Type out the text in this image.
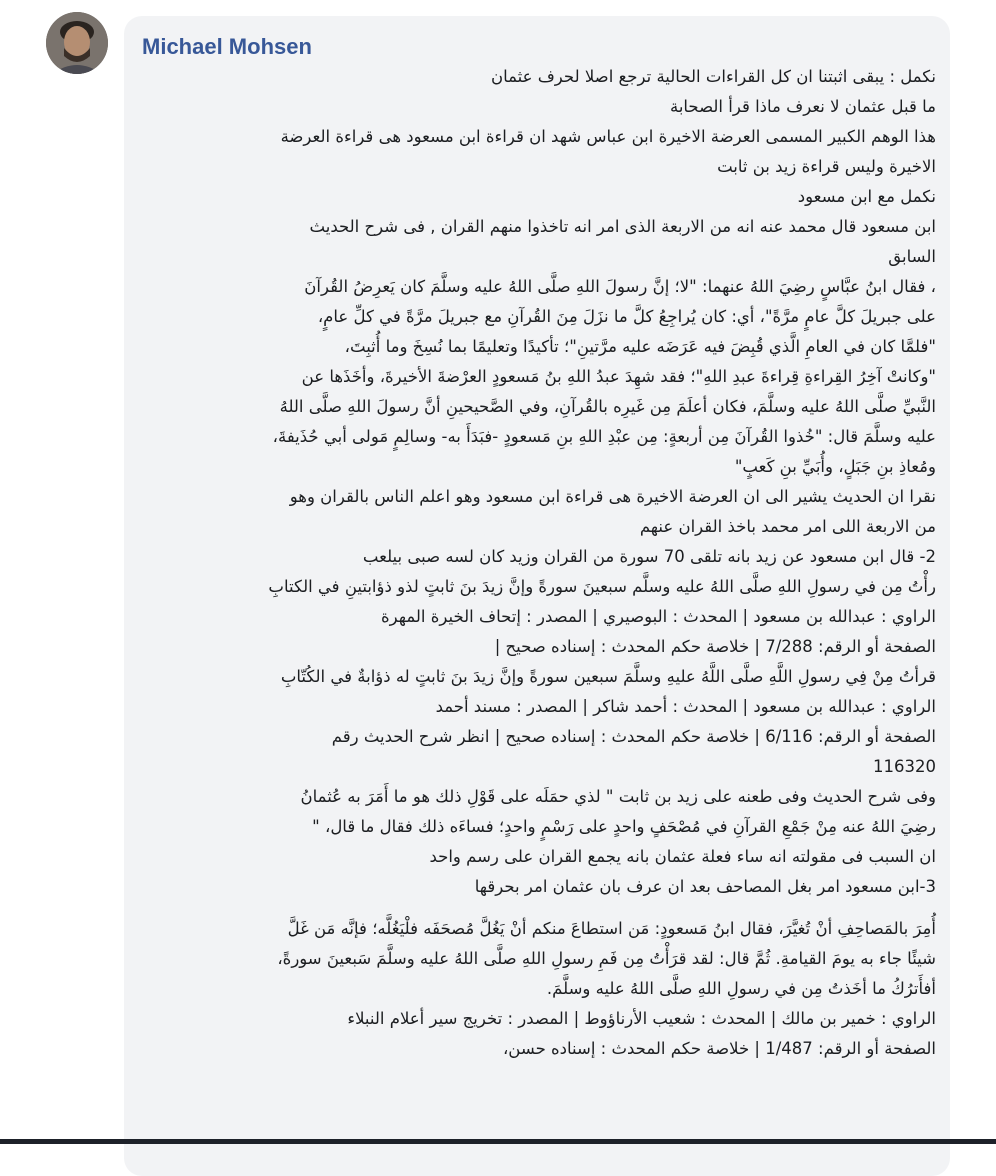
Michael Mohsen
نكمل : يبقى اثبتنا ان كل القراءات الحالية ترجع اصلا لحرف عثمان
ما قبل عثمان لا نعرف ماذا قرأ الصحابة
هذا الوهم الكبير المسمى العرضة الاخيرة ابن عباس شهد ان قراءة ابن مسعود هى قراءة العرضة
الاخيرة وليس قراءة زيد بن ثابت
نكمل مع ابن مسعود
ابن مسعود قال محمد عنه انه من الاربعة الذى امر انه تاخذوا منهم القران , فى شرح الحديث
السابق
، فقال ابنُ عبَّاسٍ رضِيَ اللهُ عنهما: "لا؛ إنَّ رسولَ اللهِ صلَّى اللهُ عليه وسلَّمَ كان يَعرِضُ القُرآنَ
على جبريلَ كلَّ عامٍ مرَّةً"، أي: كان يُراجِعُ كلَّ ما نزَلَ مِنَ القُرآنِ مع جبريلَ مرَّةً في كلِّ عامٍ،
"فلمَّا كان في العامِ الَّذي قُبِضَ فيه عَرَضَه عليه مرَّتينِ"؛ تأكيدًا وتعليمًا بما نُسِخَ وما أُثبِتَ،
"وكانتْ آخِرُ القِراءةِ قِراءةَ عبدِ اللهِ"؛ فقد شهِدَ عبدُ اللهِ بنُ مَسعودٍ العرْضةَ الأخيرةَ، وأخَذَها عن
النَّبيِّ صلَّى اللهُ عليه وسلَّمَ، فكان أعلَمَ مِن غَيرِه بالقُرآنِ، وفي الصَّحيحينِ أنَّ رسولَ اللهِ صلَّى اللهُ
عليه وسلَّمَ قال: "خُذوا القُرآنَ مِن أربعةٍ: مِن عبْدِ اللهِ بنِ مَسعودٍ -فبَدَأَ به- وسالِمٍ مَولى أبي حُذَيفةَ،
ومُعاذِ بنِ جَبَلٍ، وأُبَيِّ بنِ كَعبٍ"
نقرا ان الحديث يشير الى ان العرضة الاخيرة هى قراءة ابن مسعود وهو اعلم الناس بالقران وهو
من الاربعة اللى امر محمد باخذ القران عنهم
2- قال ابن مسعود عن زيد بانه تلقى 70 سورة من القران وزيد كان لسه صبى بيلعب
رأْتُ مِن في رسولِ اللهِ صلَّى اللهُ عليه وسلَّم سبعينَ سورةً وإنَّ زيدَ بنَ ثابتٍ لذو ذؤابتينِ في الكتابِ
الراوي : عبدالله بن مسعود | المحدث : البوصيري | المصدر : إتحاف الخيرة المهرة
الصفحة أو الرقم: 7/288 | خلاصة حكم المحدث : إسناده صحيح |
قرأتُ مِنْ فِي رسولِ اللَّهِ صلَّى اللَّهُ عليهِ وسلَّمَ سبعين سورةً وإنَّ زيدَ بنَ ثابتٍ له ذؤابةٌ في الكُتّابِ
الراوي : عبدالله بن مسعود | المحدث : أحمد شاكر | المصدر : مسند أحمد
الصفحة أو الرقم: 6/116 | خلاصة حكم المحدث : إسناده صحيح | انظر شرح الحديث رقم
116320
وفى شرح الحديث وفى طعنه على زيد بن ثابت " لذي حمَلَه على قَوْلِ ذلك هو ما أَمَرَ به عُثمانُ
رضِيَ اللهُ عنه مِنْ جَمْعِ القرآنِ في مُصْحَفٍ واحدٍ على رَسْمٍ واحدٍ؛ فساءَه ذلك فقال ما قال، "
ان السبب فى مقولته انه ساء فعلة عثمان بانه يجمع القران على رسم واحد
3-ابن مسعود امر بغل المصاحف بعد ان عرف بان عثمان امر بحرقها
أُمِرَ بالمَصاحِفِ أنْ تُغيَّرَ، فقال ابنُ مَسعودٍ: مَن استطاعَ منكم أنْ يَغُلَّ مُصحَفَه فلْيَغُلَّه؛ فإنَّه مَن غَلَّ
شيئًا جاء به يومَ القيامةِ. ثُمَّ قال: لقد قرَأْتُ مِن فَمِ رسولِ اللهِ صلَّى اللهُ عليه وسلَّمَ سَبعينَ سورةً،
أفأَترُكُ ما أخَذتُ مِن في رسولِ اللهِ صلَّى اللهُ عليه وسلَّمَ.
الراوي : خمير بن مالك | المحدث : شعيب الأرناؤوط | المصدر : تخريج سير أعلام النبلاء
الصفحة أو الرقم: 1/487 | خلاصة حكم المحدث : إسناده حسن،
